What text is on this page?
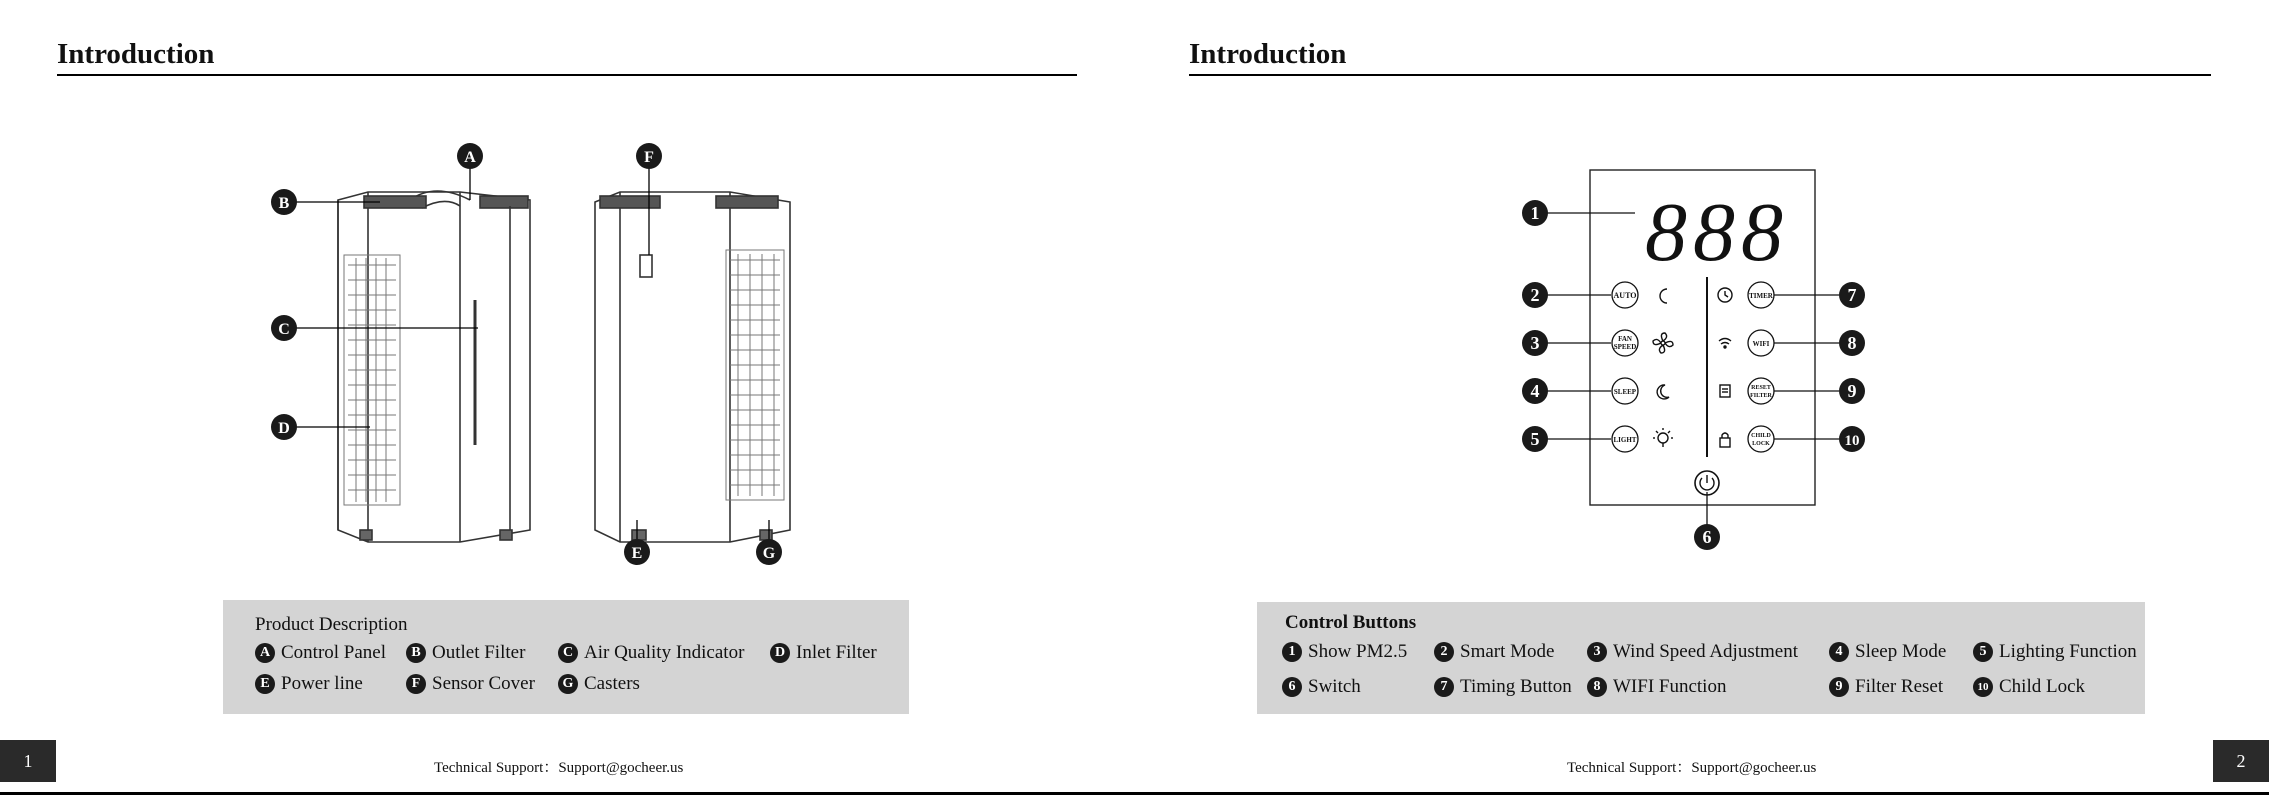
Introduction
A
B
C
D
F
E	G
Product Description
A Control Panel	B Outlet Filter	C Air Quality Indicator	D Inlet Filter
E Power line	F Sensor Cover	G Casters
Technical Support：Support@gocheer.us
1
Introduction
888
AUTO
FAN
SPEED
SLEEP
LIGHT
TIMER
WIFI
RESET
FILTER
CHILD
LOCK
1
2
3
4
5
6
7
8
9
10
Control Buttons
1 Show PM2.5	2 Smart Mode	3 Wind Speed Adjustment	4 Sleep Mode	5 Lighting Function
6 Switch	7 Timing Button	8 WIFI Function	9 Filter Reset	10 Child Lock
Technical Support：Support@gocheer.us	2
